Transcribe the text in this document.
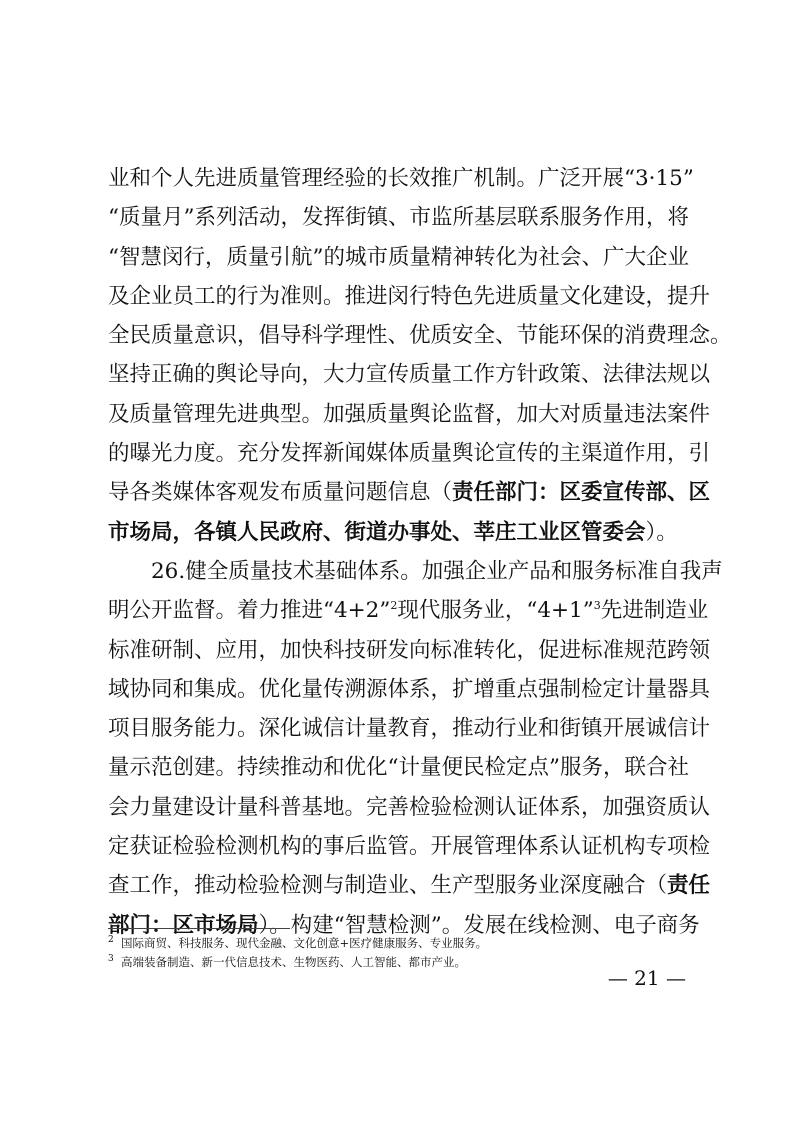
业和个人先进质量管理经验的长效推广机制。广泛开展“3·15”
“质量月”系列活动，发挥街镇、市监所基层联系服务作用，将
“智慧闵行，质量引航”的城市质量精神转化为社会、广大企业
及企业员工的行为准则。推进闵行特色先进质量文化建设，提升
全民质量意识，倡导科学理性、优质安全、节能环保的消费理念。
坚持正确的舆论导向，大力宣传质量工作方针政策、法律法规以
及质量管理先进典型。加强质量舆论监督，加大对质量违法案件
的曝光力度。充分发挥新闻媒体质量舆论宣传的主渠道作用，引
导各类媒体客观发布质量问题信息（责任部门：区委宣传部、区
市场局，各镇人民政府、街道办事处、莘庄工业区管委会）。
26.健全质量技术基础体系。加强企业产品和服务标准自我声
明公开监督。着力推进“4+2”$^2$现代服务业，“4+1”$^3$先进制造业
标准研制、应用，加快科技研发向标准转化，促进标准规范跨领
域协同和集成。优化量传溯源体系，扩增重点强制检定计量器具
项目服务能力。深化诚信计量教育，推动行业和街镇开展诚信计
量示范创建。持续推动和优化“计量便民检定点”服务，联合社
会力量建设计量科普基地。完善检验检测认证体系，加强资质认
定获证检验检测机构的事后监管。开展管理体系认证机构专项检
查工作，推动检验检测与制造业、生产型服务业深度融合（责任
部门：区市场局）。构建“智慧检测”。发展在线检测、电子商务
$^2$ 国际商贸、科技服务、现代金融、文化创意+医疗健康服务、专业服务。
$^3$ 高端装备制造、新一代信息技术、生物医药、人工智能、都市产业。
— 21 —
